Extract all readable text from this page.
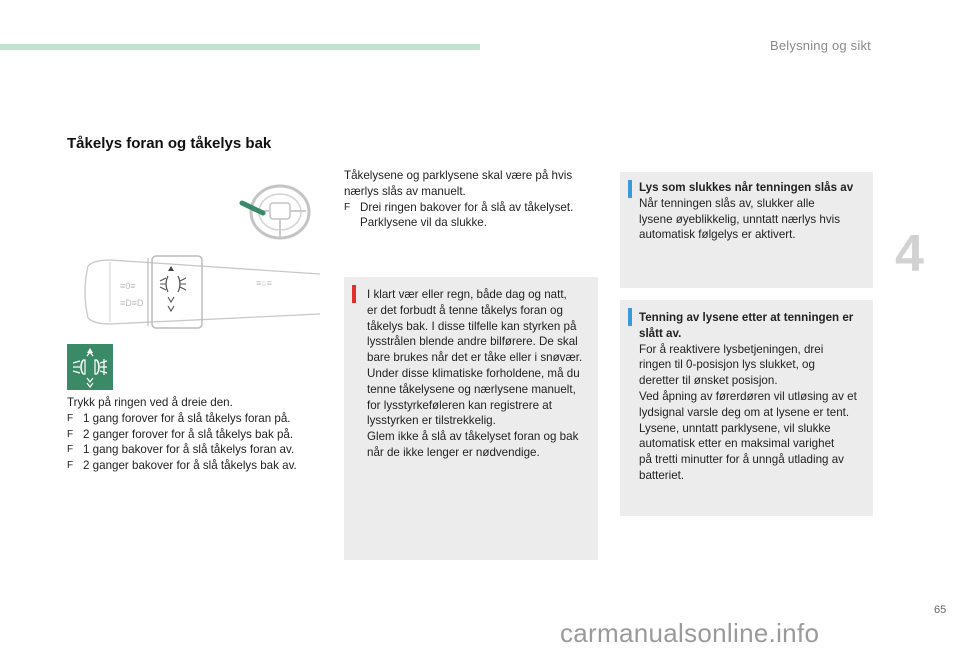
Belysning og sikt
4
Tåkelys foran og tåkelys bak
≡0≡
≡D≡D
≡○≡
Trykk på ringen ved å dreie den.
F 1 gang forover for å slå tåkelys foran på.
F 2 ganger forover for å slå tåkelys bak på.
F 1 gang bakover for å slå tåkelys foran av.
F 2 ganger bakover for å slå tåkelys bak av.
Tåkelysene og parklysene skal være på hvis
nærlys slås av manuelt.
F Drei ringen bakover for å slå av tåkelyset.
Parklysene vil da slukke.
I klart vær eller regn, både dag og natt,
er det forbudt å tenne tåkelys foran og
tåkelys bak. I disse tilfelle kan styrken på
lysstrålen blende andre bilførere. De skal
bare brukes når det er tåke eller i snøvær.
Under disse klimatiske forholdene, må du
tenne tåkelysene og nærlysene manuelt,
for lysstyrkeføleren kan registrere at
lysstyrken er tilstrekkelig.
Glem ikke å slå av tåkelyset foran og bak
når de ikke lenger er nødvendige.
Lys som slukkes når tenningen slås av
Når tenningen slås av, slukker alle
lysene øyeblikkelig, unntatt nærlys hvis
automatisk følgelys er aktivert.
Tenning av lysene etter at tenningen er
slått av.
For å reaktivere lysbetjeningen, drei
ringen til 0-posisjon lys slukket, og
deretter til ønsket posisjon.
Ved åpning av førerdøren vil utløsing av et
lydsignal varsle deg om at lysene er tent.
Lysene, unntatt parklysene, vil slukke
automatisk etter en maksimal varighet
på tretti minutter for å unngå utlading av
batteriet.
65
carmanualsonline.info
